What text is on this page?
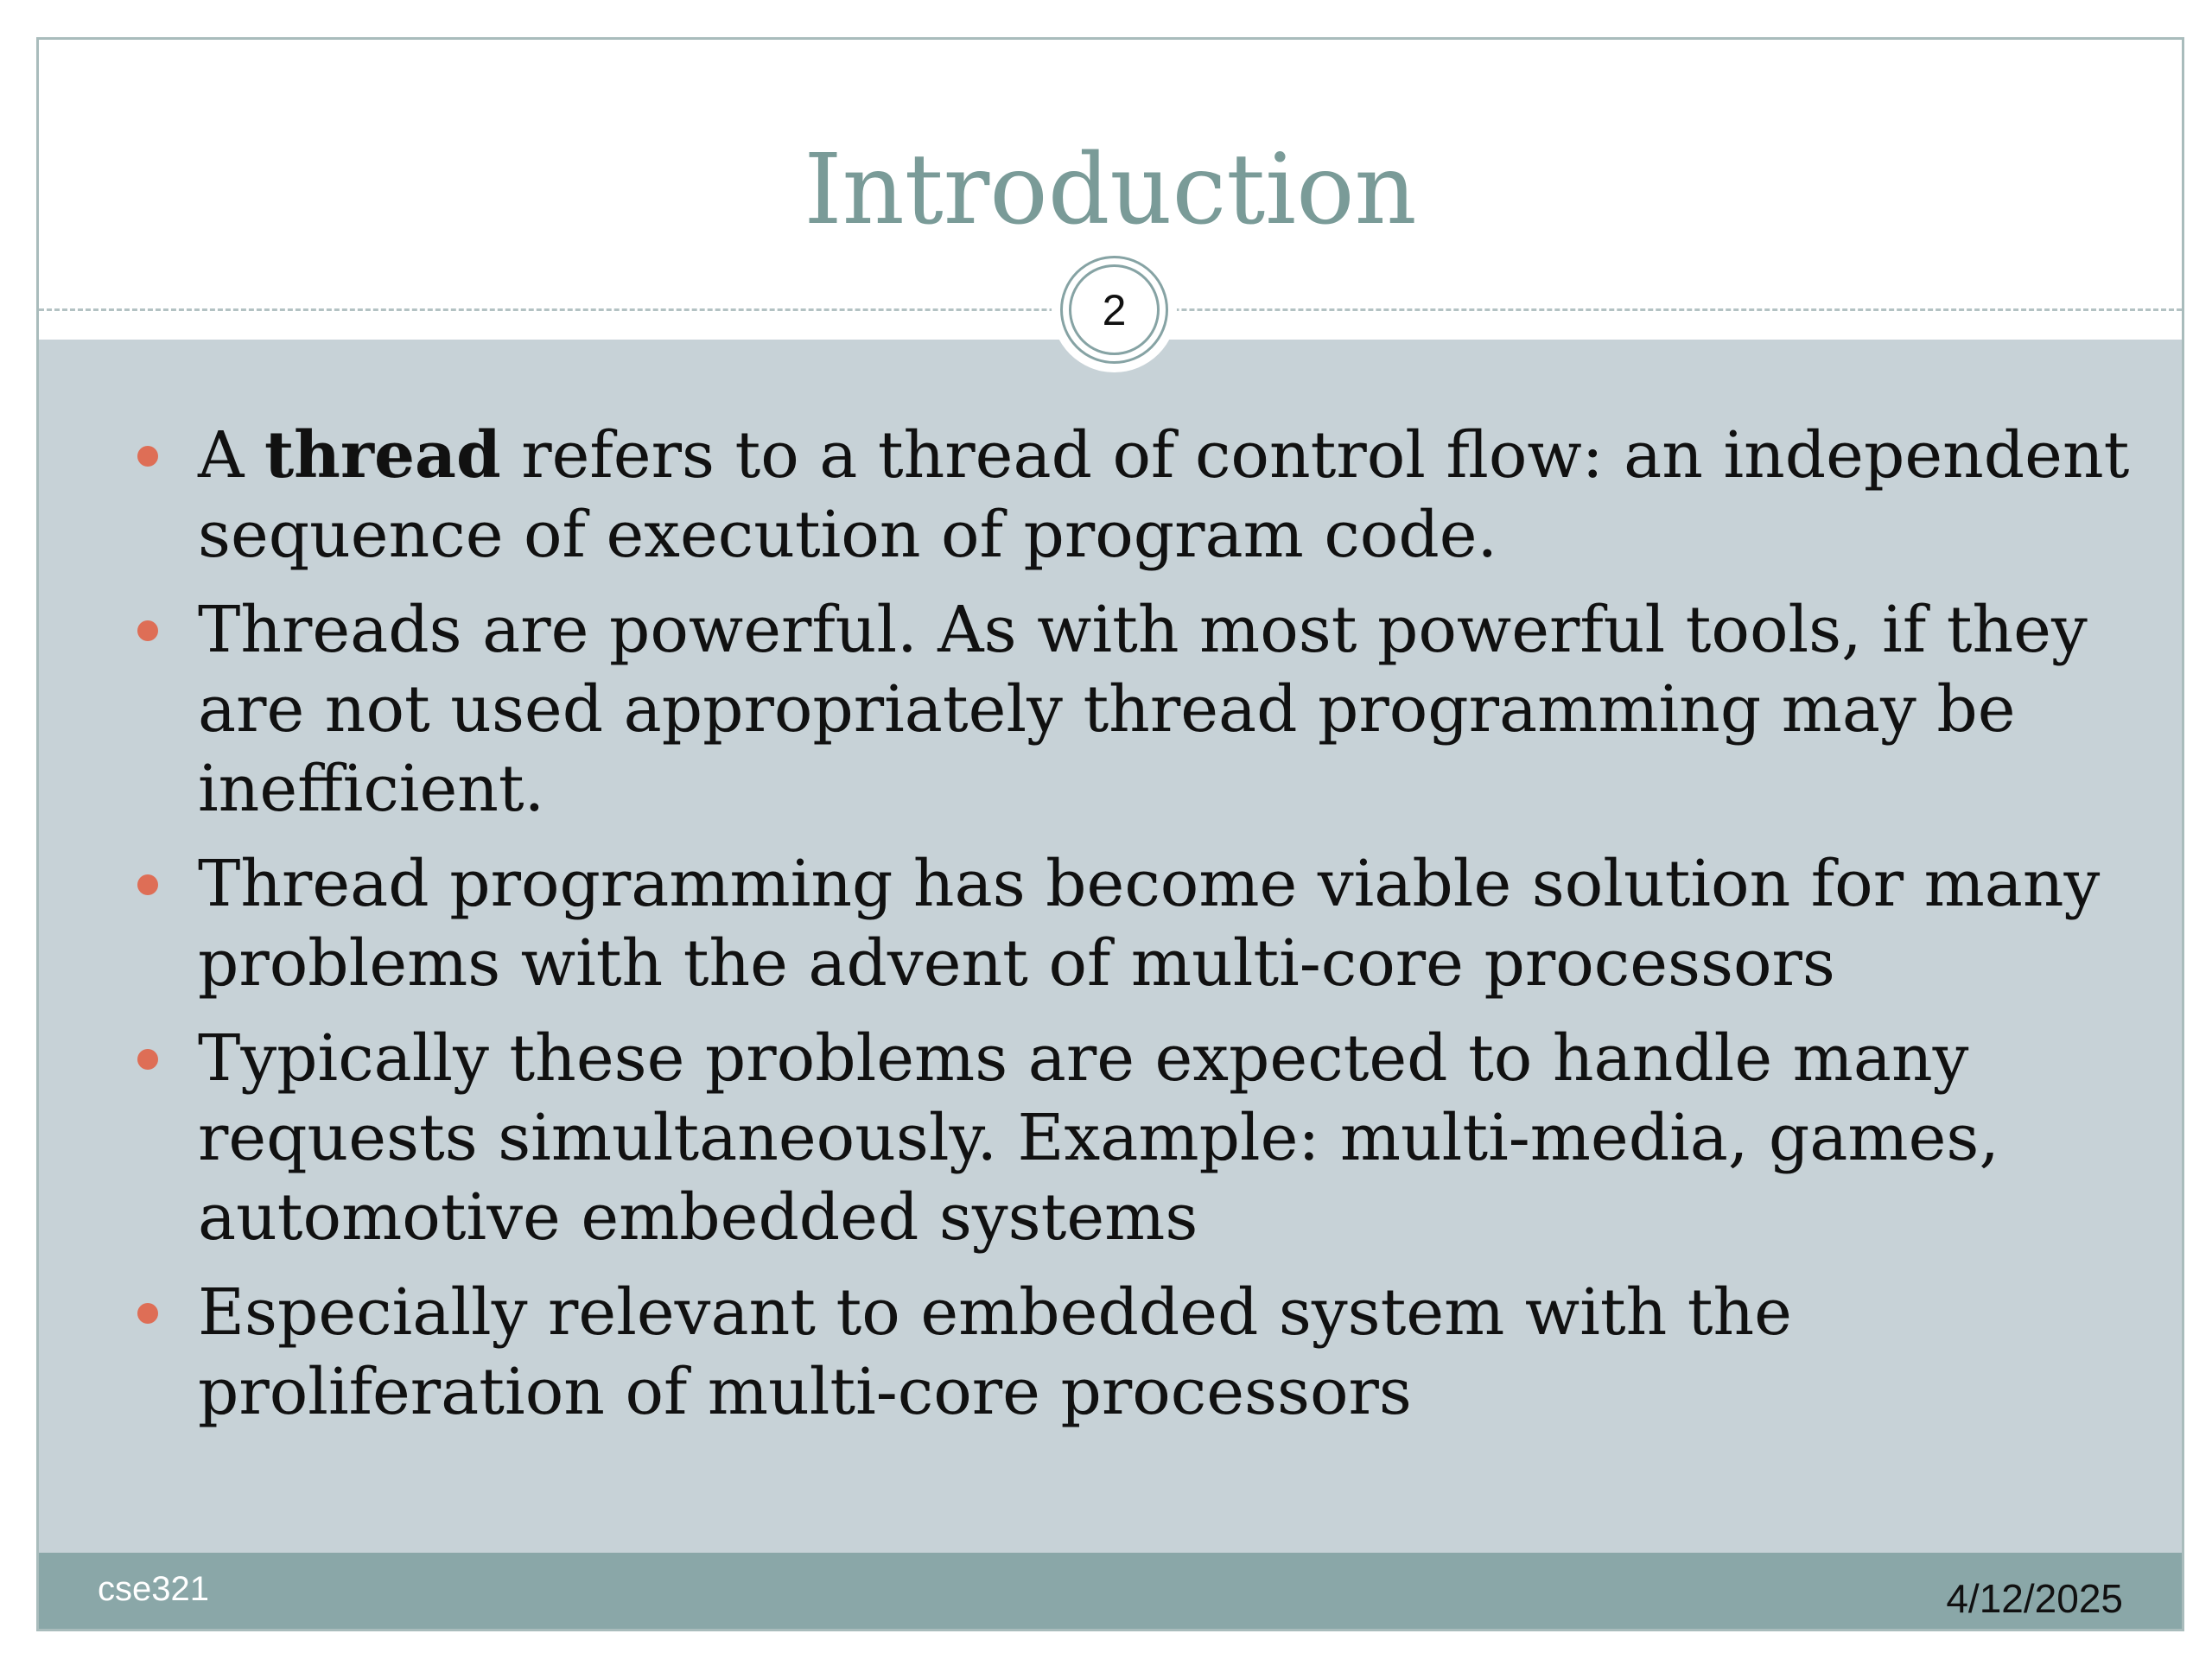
Introduction
2
A thread refers to a thread of control flow: an independent sequence of execution of program code.
Threads are powerful. As with most powerful tools, if they are not used appropriately thread programming may be inefficient.
Thread programming has become viable solution for many problems with the advent of multi-core processors
Typically these problems are expected to handle many requests simultaneously. Example: multi-media, games, automotive embedded systems
Especially relevant to embedded system with the proliferation of multi-core processors
cse321	4/12/2025
